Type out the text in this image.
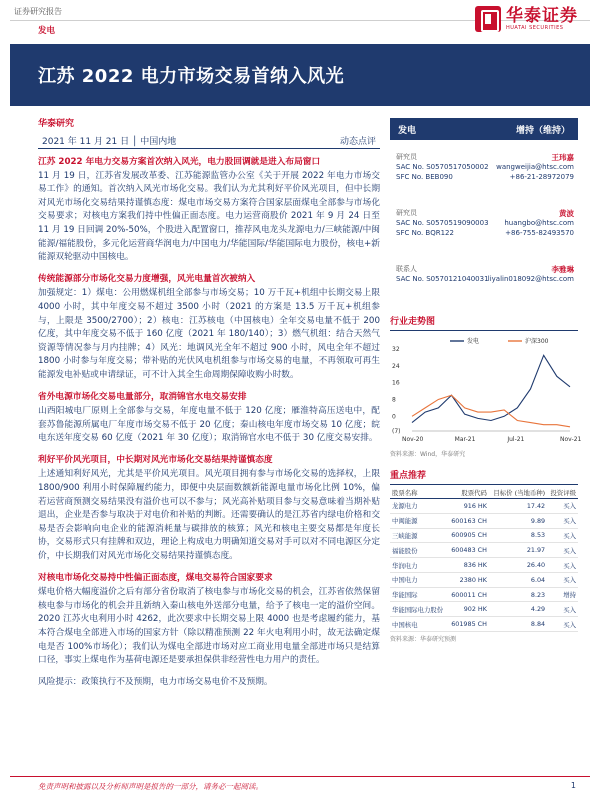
证券研究报告
发电
华泰证券
HUATAI SECURITIES
江苏 2022 电力市场交易首纳入风光
华泰研究
2021 年 11 月 21 日 │ 中国内地	动态点评

江苏 2022 年电力交易方案首次纳入风光，电力股回调就是进入布局窗口
11 月 19 日，江苏省发展改革委、江苏能源监管办公室《关于开展 2022 年电力市场交易工作》的通知。首次纳入风光市场化交易。我们认为尤其利好平价风光项目，但中长期对风光市场化交易结果持谨慎态度：煤电市场交易方案符合国家层面煤电全部参与市场化交易要求；对核电方案我们持中性偏正面态度。电力运营商股价 2021 年 9 月 24 日至 11 月 19 日回调 20%-50%，个股进入配置窗口，推荐风电龙头龙源电力/三峡能源/中闽能源/福能股份，多元化运营商华润电力/中国电力/华能国际/华能国际电力股份，核电+新能源双轮驱动中国核电。

传统能源部分市场化交易力度增强，风光电量首次被纳入

加强规定：1）煤电：公用燃煤机组全部参与市场交易；10 万千瓦+机组中长期交易上限 4000 小时，其中年度交易不超过 3500 小时（2021 的方案是 13.5 万千瓦+机组参与，上限是 3500/2700）；2）核电：江苏核电（中国核电）全年交易电量不低于 200 亿度，其中年度交易不低于 160 亿度（2021 年 180/140）；3）燃气机组：结合天然气资源等情况参与月内挂牌；4）风光：地调风光全年不超过 900 小时，风电全年不超过 1800 小时参与年度交易；带补贴的光伏风电机组参与市场交易的电量，不再领取可再生能源发电补贴或申请绿证，可不计入其全生命周期保障收购小时数。

省外电源市场化交易电量部分，取消锦官水电交易安排

山西阳城电厂原则上全部参与交易，年度电量不低于 120 亿度；雁淮特高压送电中，配套苏鲁能源所属电厂年度市场交易不低于 20 亿度；秦山核电年度市场交易 10 亿度；皖电东送年度交易 60 亿度（2021 年 30 亿度）；取消锦官水电不低于 30 亿度交易安排。

利好平价风光项目，中长期对风光市场化交易结果持谨慎态度

上述通知利好风光，尤其是平价风光项目。风光项目拥有参与市场化交易的选择权，上限 1800/900 利用小时保障履约能力，即便中央层面数额新能源电量市场化比例 10%，偏若运营商预测交易结果没有溢价也可以不参与；风光高补贴项目参与交易意味着当期补贴退出，企业是否参与取决于对电价和补贴的判断。还需要确认的是江苏省内绿电价格和交易是否会影响向电企业的能源消耗量与碳排放的核算；风光和核电主要交易都是年度长协，交易形式只有挂牌和双边，理论上构成电力明确知道交易对手可以对不同电源区分定价，中长期我们对风光市场化交易结果持谨慎态度。

对核电市场化交易持中性偏正面态度，煤电交易符合国家要求

煤电价格大幅度溢价之后有部分省份取消了核电参与市场化交易的机会，江苏省依然保留核电参与市场化的机会并且新纳入秦山核电外送部分电量，给予了核电一定的溢价空间。2020 江苏火电利用小时 4262，此次要求中长期交易上限 4000 也是考虑履约能力，基本符合煤电全部进入市场的国家方针（除以精准预测 22 年火电利用小时，故无法确定煤电是否 100%市场化）；我们认为煤电全部进市场对应工商业用电量全部进市场只是结算口径，事实上煤电作为基荷电源还是要承担保供非经营性电力用户的责任。

风险提示：政策执行不及预期，电力市场交易电价不及预期。

发电	增持（维持）
研究员	王玮嘉
SAC No. S0570517050002 wangweijia@htsc.com
SFC No. BEB090	+86-21-28972079
研究员	黄波
SAC No. S0570519090003 huangbo@htsc.com
SFC No. BQR122	+86-755-82493570
联系人	李雅琳
SAC No. S0570121040031 liyalin018092@htsc.com
行业走势图
(7)
0
8
16
24
32
Nov-20	Mar-21	Jul-21	Nov-21
发电	沪深300
资料来源：Wind，华泰研究
重点推荐
股票名称	股票代码	目标价 (当地币种)	投资评级
龙源电力	916 HK	17.42	买入
中闽能源	600163 CH	9.89	买入
三峡能源	600905 CH	8.53	买入
福能股份	600483 CH	21.97	买入
华润电力	836 HK	26.40	买入
中国电力	2380 HK	6.04	买入
华能国际	600011 CH	8.23	增持
华能国际电力股份	902 HK	4.29	买入
中国核电	601985 CH	8.84	买入
资料来源：华泰研究预测
免责声明和披露以及分析师声明是报告的一部分，请务必一起阅读。	1
